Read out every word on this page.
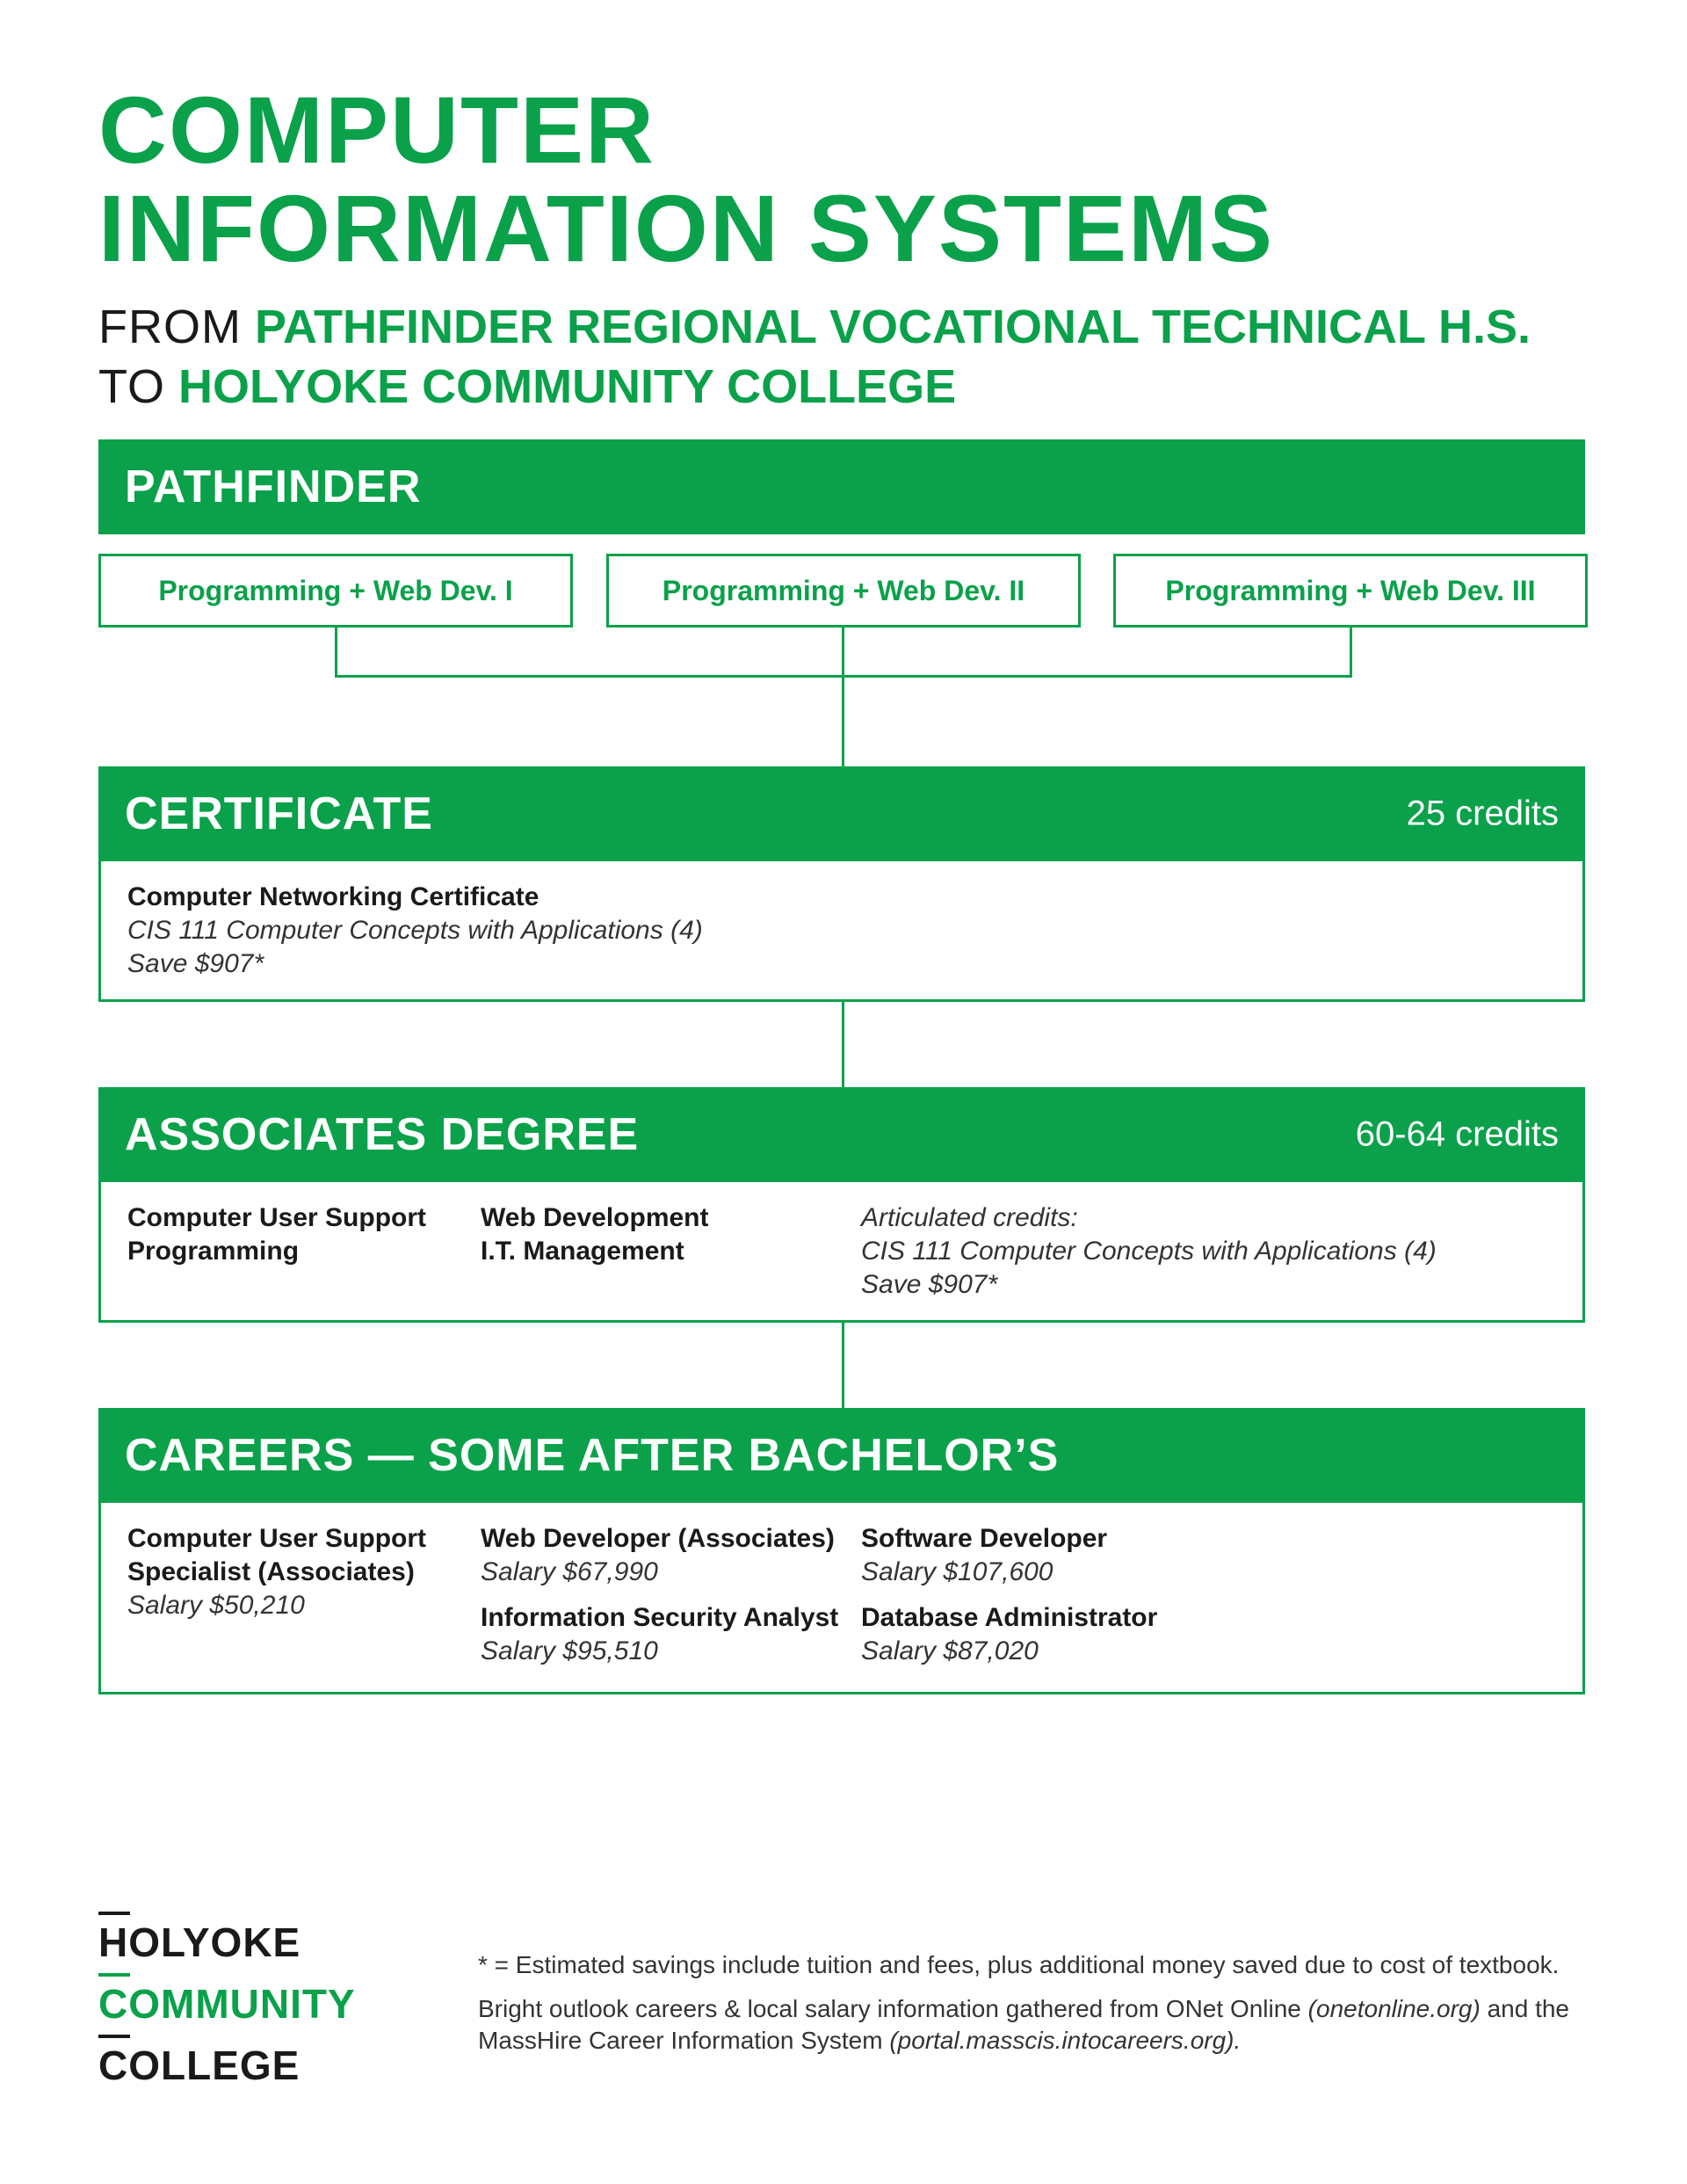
COMPUTER
INFORMATION SYSTEMS
FROM PATHFINDER REGIONAL VOCATIONAL TECHNICAL H.S.
TO HOLYOKE COMMUNITY COLLEGE
PATHFINDER
Programming + Web Dev. I	Programming + Web Dev. II	Programming + Web Dev. III
CERTIFICATE	25 credits
Computer Networking Certificate
CIS 111 Computer Concepts with Applications (4)
Save $907*
ASSOCIATES DEGREE	60-64 credits
Computer User Support
Programming
Web Development
I.T. Management
Articulated credits:
CIS 111 Computer Concepts with Applications (4)
Save $907*
CAREERS — SOME AFTER BACHELOR’S
Computer User Support
Specialist (Associates)
Salary $50,210
Web Developer (Associates)
Salary $67,990
Information Security Analyst
Salary $95,510
Software Developer
Salary $107,600
Database Administrator
Salary $87,020
HOLYOKE
COMMUNITY
COLLEGE

* = Estimated savings include tuition and fees, plus additional money saved due to cost of textbook.

Bright outlook careers & local salary information gathered from ONet Online (onetonline.org) and the MassHire Career Information System (portal.masscis.intocareers.org).
